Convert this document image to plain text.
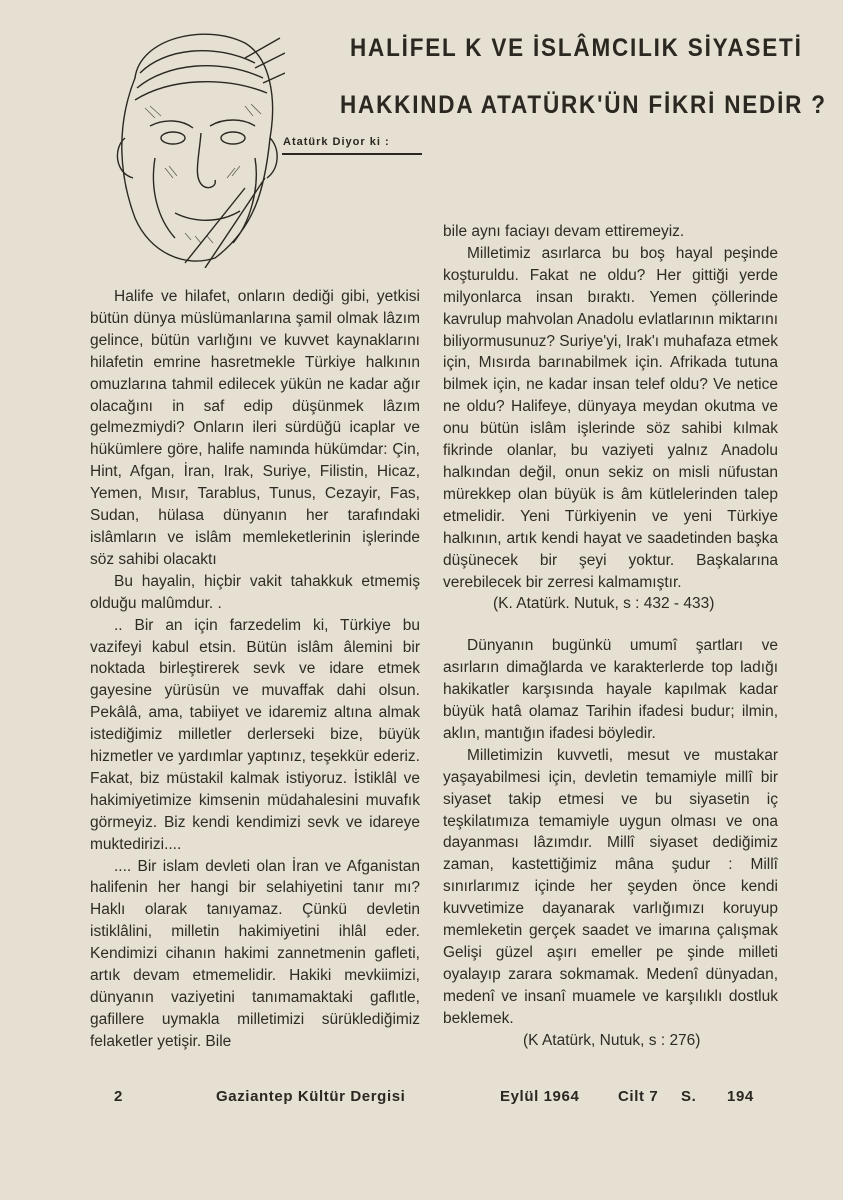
HALİFEL K VE İSLÂMCILIK SİYASETİ
HAKKINDA ATATÜRK'ÜN FİKRİ NEDİR ?
Atatürk Diyor ki :

Halife ve hilafet, onların dediği gibi, yetkisi bütün dünya müslümanlarına şamil olmak lâzım gelince, bütün varlığını ve kuvvet kaynaklarını hilafetin emrine hasretmekle Türkiye halkının omuzlarına tahmil edilecek yükün ne kadar ağır olacağını in saf edip düşünmek lâzım gelmezmiydi? Onların ileri sürdüğü icaplar ve hükümlere göre, halife namında hükümdar: Çin, Hint, Afgan, İran, Irak, Suriye, Filistin, Hicaz, Yemen, Mısır, Tarablus, Tunus, Cezayir, Fas, Sudan, hülasa dünyanın her tarafındaki islâmların ve islâm memleketlerinin işlerinde söz sahibi olacaktı

Bu hayalin, hiçbir vakit tahakkuk etmemiş olduğu malûmdur. .

.. Bir an için farzedelim ki, Türkiye bu vazifeyi kabul etsin. Bütün islâm âlemini bir noktada birleştirerek sevk ve idare etmek gayesine yürüsün ve muvaffak dahi olsun. Pekâlâ, ama, tabiiyet ve idaremiz altına almak istediğimiz milletler derlerseki bize, büyük hizmetler ve yardımlar yaptınız, teşekkür ederiz. Fakat, biz müstakil kalmak istiyoruz. İstiklâl ve hakimiyetimize kimsenin müdahalesini muvafık görmeyiz. Biz kendi kendimizi sevk ve idareye muktedirizi....

.... Bir islam devleti olan İran ve Afganistan halifenin her hangi bir selahiyetini tanır mı? Haklı olarak tanıyamaz. Çünkü devletin istiklâlini, milletin hakimiyetini ihlâl eder. Kendimizi cihanın hakimi zannetmenin gafleti, artık devam etmemelidir. Hakiki mevkiimizi, dünyanın vaziyetini tanımamaktaki gaflıtle, gafillere uymakla milletimizi sürüklediğimiz felaketler yetişir. Bile

bile aynı faciayı devam ettiremeyiz.

Milletimiz asırlarca bu boş hayal peşinde koşturuldu. Fakat ne oldu? Her gittiği yerde milyonlarca insan bıraktı. Yemen çöllerinde kavrulup mahvolan Anadolu evlatlarının miktarını biliyormusunuz? Suriye'yi, Irak'ı muhafaza etmek için, Mısırda barınabilmek için. Afrikada tutuna bilmek için, ne kadar insan telef oldu? Ve netice ne oldu? Halifeye, dünyaya meydan okutma ve onu bütün islâm işlerinde söz sahibi kılmak fikrinde olanlar, bu vaziyeti yalnız Anadolu halkından değil, onun sekiz on misli nüfustan mürekkep olan büyük is âm kütlelerinden talep etmelidir. Yeni Türkiyenin ve yeni Türkiye halkının, artık kendi hayat ve saadetinden başka düşünecek bir şeyi yoktur. Başkalarına verebilecek bir zerresi kalmamıştır.

(K. Atatürk. Nutuk, s : 432 - 433)

Dünyanın bugünkü umumî şartları ve asırların dimağlarda ve karakterlerde top ladığı hakikatler karşısında hayale kapılmak kadar büyük hatâ olamaz Tarihin ifadesi budur; ilmin, aklın, mantığın ifadesi böyledir.

Milletimizin kuvvetli, mesut ve mustakar yaşayabilmesi için, devletin temamiyle millî bir siyaset takip etmesi ve bu siyasetin iç teşkilatımıza temamiyle uygun olması ve ona dayanması lâzımdır. Millî siyaset dediğimiz zaman, kastettiğimiz mâna şudur : Millî sınırlarımız içinde her şeyden önce kendi kuvvetimize dayanarak varlığımızı koruyup memleketin gerçek saadet ve imarına çalışmak Gelişi güzel aşırı emeller pe şinde milleti oyalayıp zarara sokmamak. Medenî dünyadan, medenî ve insanî muamele ve karşılıklı dostluk beklemek.

(K Atatürk, Nutuk, s : 276)

2	Gaziantep Kültür Dergisi	Eylül 1964	Cilt 7 S. 194
